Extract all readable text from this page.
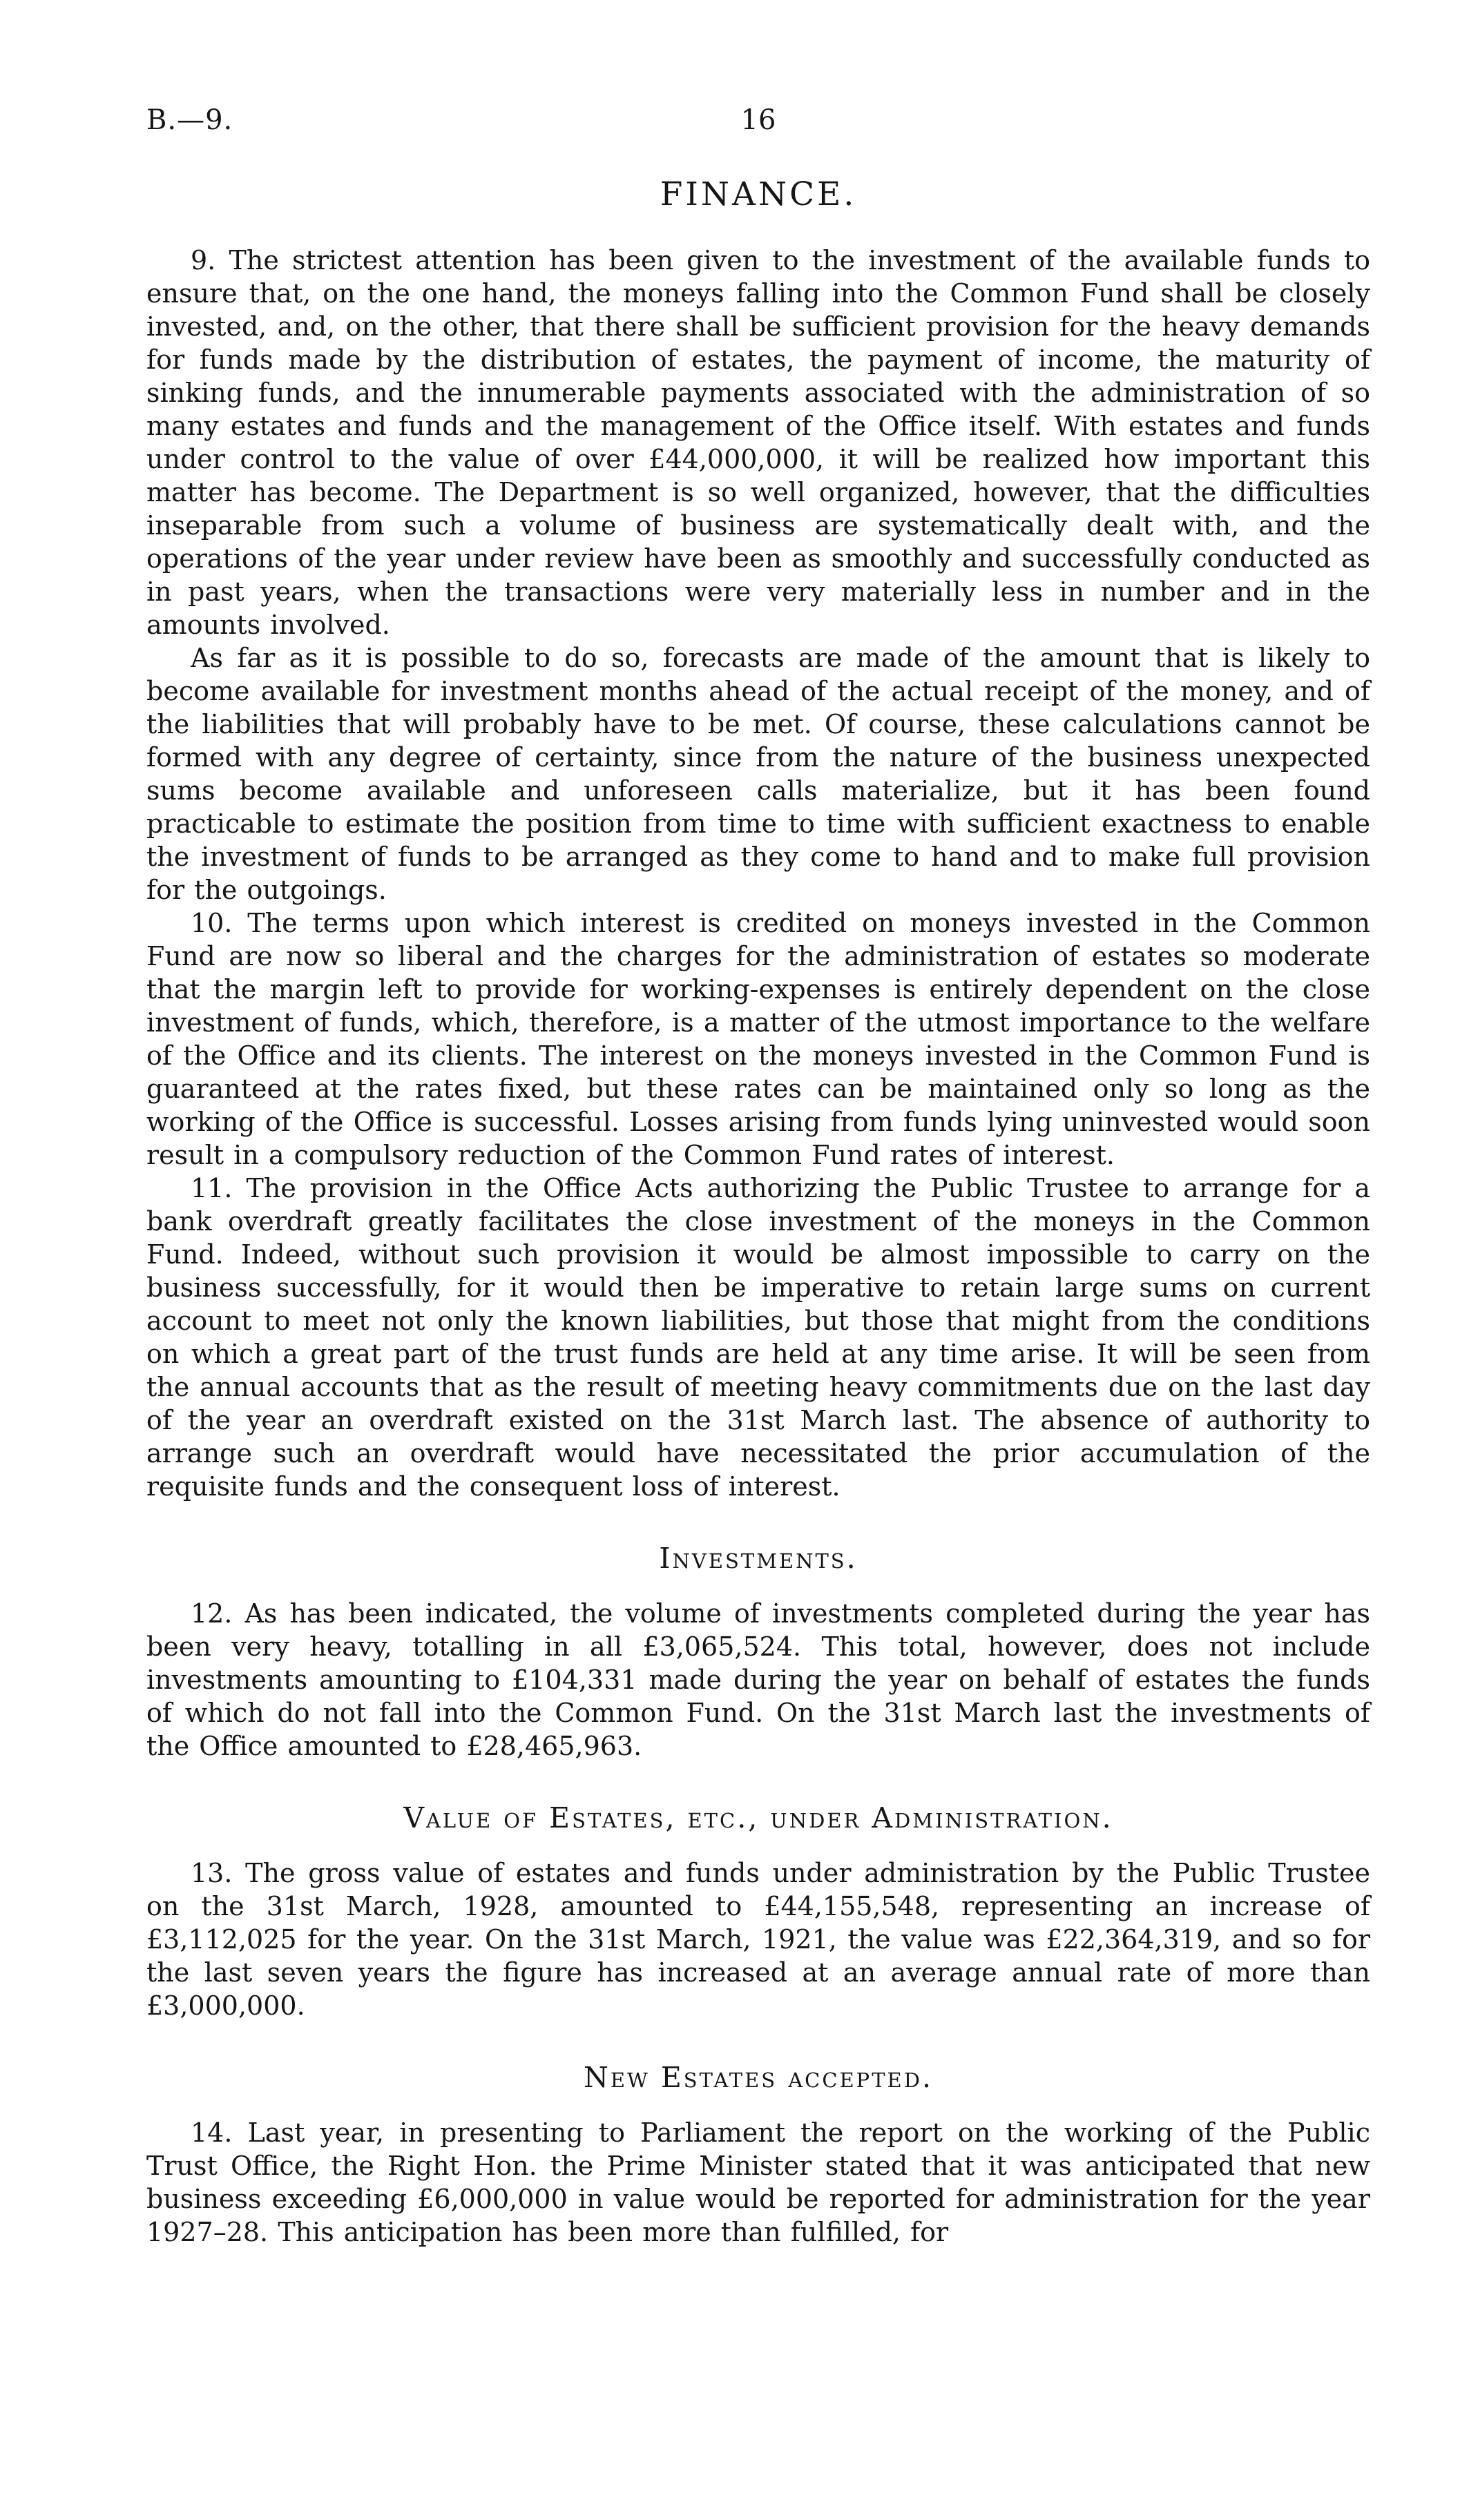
B.—9.	16
FINANCE.

9. The strictest attention has been given to the investment of the available funds to ensure that, on the one hand, the moneys falling into the Common Fund shall be closely invested, and, on the other, that there shall be sufficient provision for the heavy demands for funds made by the distribution of estates, the payment of income, the maturity of sinking funds, and the innumerable payments associated with the administration of so many estates and funds and the management of the Office itself. With estates and funds under control to the value of over £44,000,000, it will be realized how important this matter has become. The Department is so well organized, however, that the difficulties inseparable from such a volume of business are systematically dealt with, and the operations of the year under review have been as smoothly and successfully conducted as in past years, when the transactions were very materially less in number and in the amounts involved.

As far as it is possible to do so, forecasts are made of the amount that is likely to become available for investment months ahead of the actual receipt of the money, and of the liabilities that will probably have to be met. Of course, these calculations cannot be formed with any degree of certainty, since from the nature of the business unexpected sums become available and unforeseen calls materialize, but it has been found practicable to estimate the position from time to time with sufficient exactness to enable the investment of funds to be arranged as they come to hand and to make full provision for the outgoings.

10. The terms upon which interest is credited on moneys invested in the Common Fund are now so liberal and the charges for the administration of estates so moderate that the margin left to provide for working-expenses is entirely dependent on the close investment of funds, which, therefore, is a matter of the utmost importance to the welfare of the Office and its clients. The interest on the moneys invested in the Common Fund is guaranteed at the rates fixed, but these rates can be maintained only so long as the working of the Office is successful. Losses arising from funds lying uninvested would soon result in a compulsory reduction of the Common Fund rates of interest.

11. The provision in the Office Acts authorizing the Public Trustee to arrange for a bank overdraft greatly facilitates the close investment of the moneys in the Common Fund. Indeed, without such provision it would be almost impossible to carry on the business successfully, for it would then be imperative to retain large sums on current account to meet not only the known liabilities, but those that might from the conditions on which a great part of the trust funds are held at any time arise. It will be seen from the annual accounts that as the result of meeting heavy commitments due on the last day of the year an overdraft existed on the 31st March last. The absence of authority to arrange such an overdraft would have necessitated the prior accumulation of the requisite funds and the consequent loss of interest.

Investments.

12. As has been indicated, the volume of investments completed during the year has been very heavy, totalling in all £3,065,524. This total, however, does not include investments amounting to £104,331 made during the year on behalf of estates the funds of which do not fall into the Common Fund. On the 31st March last the investments of the Office amounted to £28,465,963.

Value of Estates, etc., under Administration.

13. The gross value of estates and funds under administration by the Public Trustee on the 31st March, 1928, amounted to £44,155,548, representing an increase of £3,112,025 for the year. On the 31st March, 1921, the value was £22,364,319, and so for the last seven years the figure has increased at an average annual rate of more than £3,000,000.

New Estates accepted.

14. Last year, in presenting to Parliament the report on the working of the Public Trust Office, the Right Hon. the Prime Minister stated that it was anticipated that new business exceeding £6,000,000 in value would be reported for administration for the year 1927–28. This anticipation has been more than fulfilled, for
